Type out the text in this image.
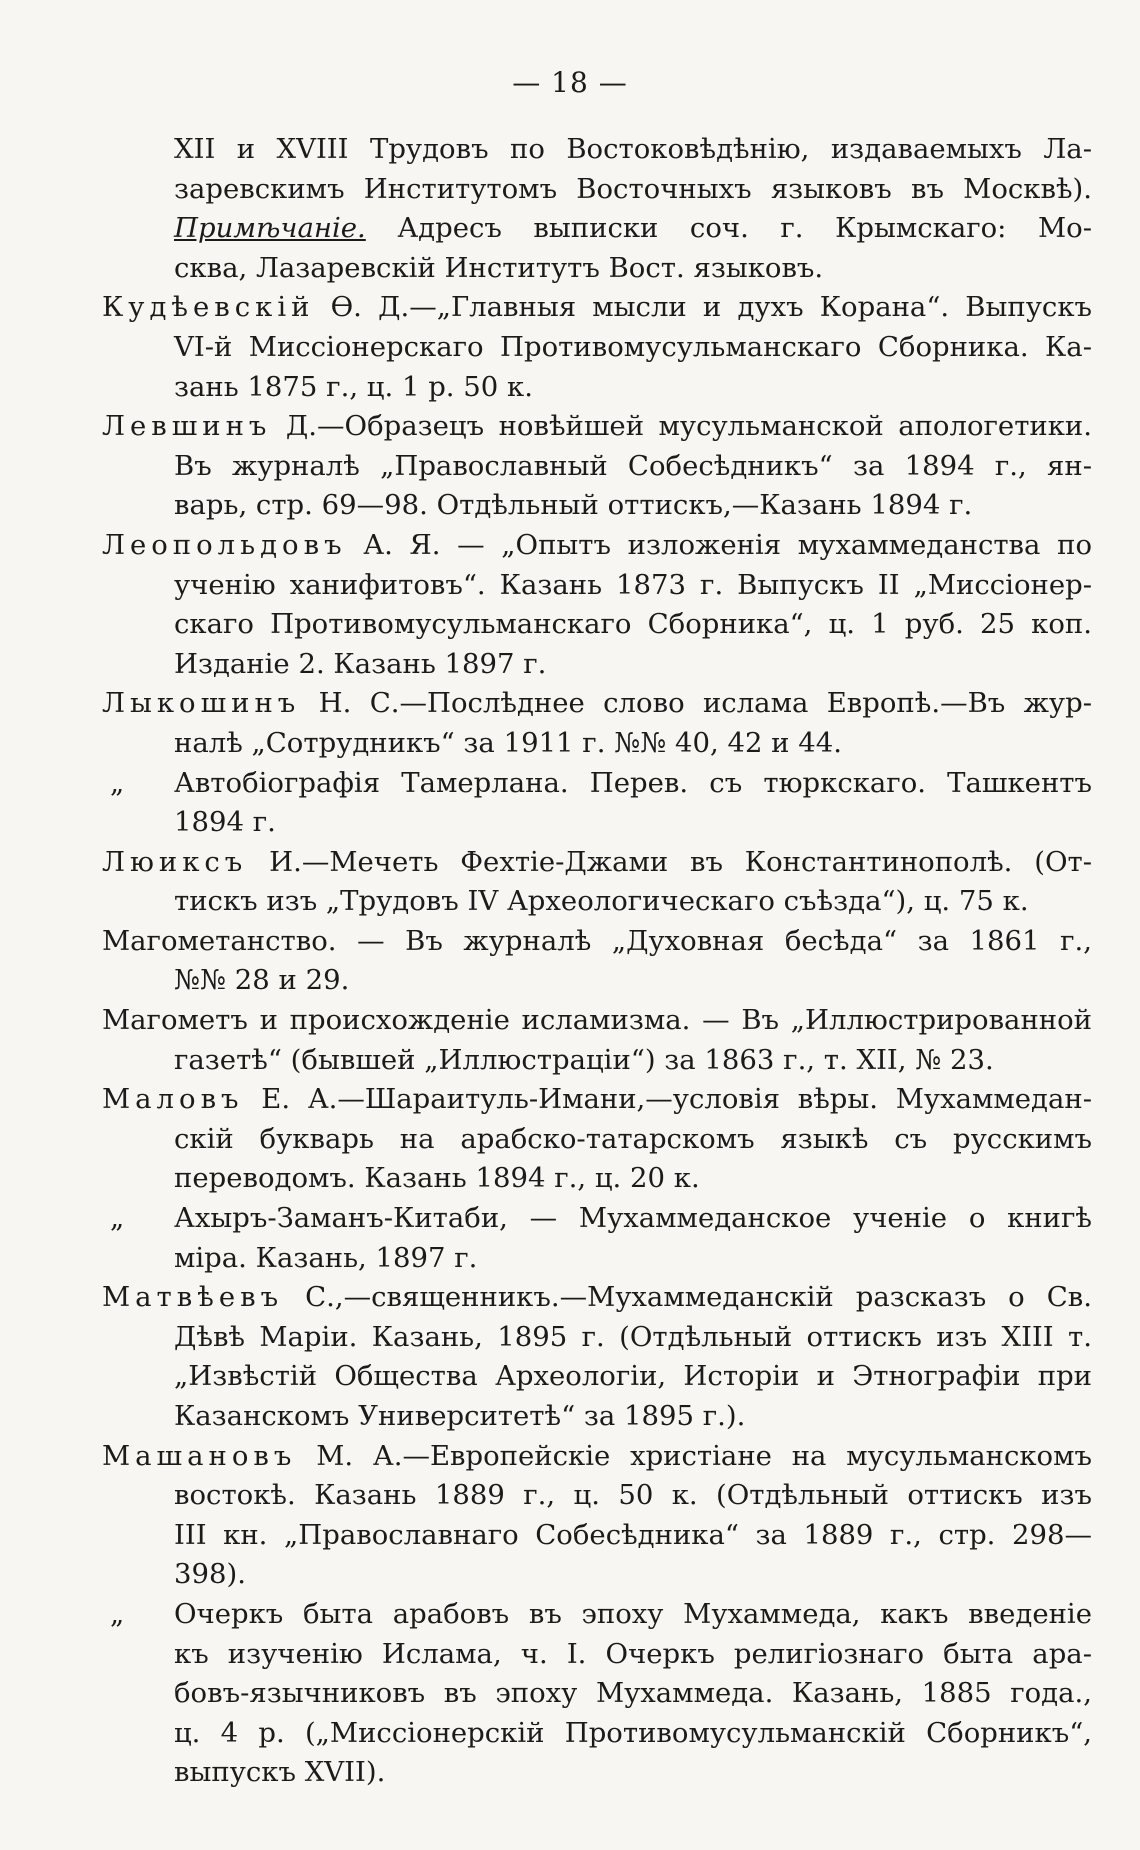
— 18 —
XII и XVIII Трудовъ по Востоковѣдѣнію, издаваемыхъ Ла-
заревскимъ Институтомъ Восточныхъ языковъ въ Москвѣ).
Примѣчаніе. Адресъ выписки соч. г. Крымскаго: Мо-
сква, Лазаревскій Институтъ Вост. языковъ.
Кудѣевскій Ѳ. Д.—„Главныя мысли и духъ Корана“. Выпускъ
VI-й Миссіонерскаго Противомусульманскаго Сборника. Ка-
зань 1875 г., ц. 1 р. 50 к.
Левшинъ Д.—Образецъ новѣйшей мусульманской апологетики.
Въ журналѣ „Православный Собесѣдникъ“ за 1894 г., ян-
варь, стр. 69—98. Отдѣльный оттискъ,—Казань 1894 г.
Леопольдовъ А. Я. — „Опытъ изложенія мухаммеданства по
ученію ханифитовъ“. Казань 1873 г. Выпускъ II „Миссіонер-
скаго Противомусульманскаго Сборника“, ц. 1 руб. 25 коп.
Изданіе 2. Казань 1897 г.
Лыкошинъ Н. С.—Послѣднее слово ислама Европѣ.—Въ жур-
налѣ „Сотрудникъ“ за 1911 г. №№ 40, 42 и 44.
„ Автобіографія Тамерлана. Перев. съ тюркскаго. Ташкентъ
1894 г.
Люиксъ И.—Мечеть Фехтіе-Джами въ Константинополѣ. (От-
тискъ изъ „Трудовъ IV Археологическаго съѣзда“), ц. 75 к.
Магометанство. — Въ журналѣ „Духовная бесѣда“ за 1861 г.,
№№ 28 и 29.
Магометъ и происхожденіе исламизма. — Въ „Иллюстрированной
газетѣ“ (бывшей „Иллюстраціи“) за 1863 г., т. XII, № 23.
Маловъ Е. А.—Шараитуль-Имани,—условія вѣры. Мухаммедан-
скій букварь на арабско-татарскомъ языкѣ съ русскимъ
переводомъ. Казань 1894 г., ц. 20 к.
„ Ахыръ-Заманъ-Китаби, — Мухаммеданское ученіе о книгѣ
міра. Казань, 1897 г.
Матвѣевъ С.,—священникъ.—Мухаммеданскій разсказъ о Св.
Дѣвѣ Маріи. Казань, 1895 г. (Отдѣльный оттискъ изъ XIII т.
„Извѣстій Общества Археологіи, Исторіи и Этнографіи при
Казанскомъ Университетѣ“ за 1895 г.).
Машановъ М. А.—Европейскіе христіане на мусульманскомъ
востокѣ. Казань 1889 г., ц. 50 к. (Отдѣльный оттискъ изъ
III кн. „Православнаго Собесѣдника“ за 1889 г., стр. 298—
398).
„ Очеркъ быта арабовъ въ эпоху Мухаммеда, какъ введеніе
къ изученію Ислама, ч. I. Очеркъ религіознаго быта ара-
бовъ-язычниковъ въ эпоху Мухаммеда. Казань, 1885 года.,
ц. 4 р. („Миссіонерскій Противомусульманскій Сборникъ“,
выпускъ XVII).
